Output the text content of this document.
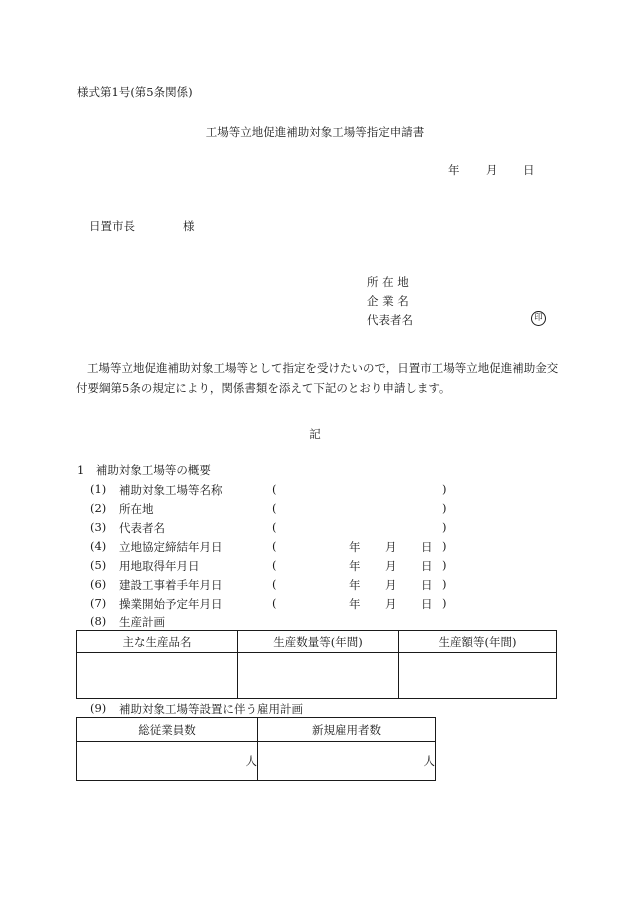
様式第1号(第5条関係)
工場等立地促進補助対象工場等指定申請書
年 月 日
日置市長	様
所 在 地
企 業 名
代表者名	印
工場等立地促進補助対象工場等として指定を受けたいので，日置市工場等立地促進補助金交付要綱第5条の規定により，関係書類を添えて下記のとおり申請します。
記
1　補助対象工場等の概要
(1) 補助対象工場等名称	(	)
(2) 所在地	(	)
(3) 代表者名	(	)
(4) 立地協定締結年月日	(	年 月 日 )
(5) 用地取得年月日	(	年 月 日 )
(6) 建設工事着手年月日	(	年 月 日 )
(7) 操業開始予定年月日	(	年 月 日 )
(8) 生産計画
主な生産品名	生産数量等(年間)	生産額等(年間)

(9) 補助対象工場等設置に伴う雇用計画
総従業員数	新規雇用者数
人	人
